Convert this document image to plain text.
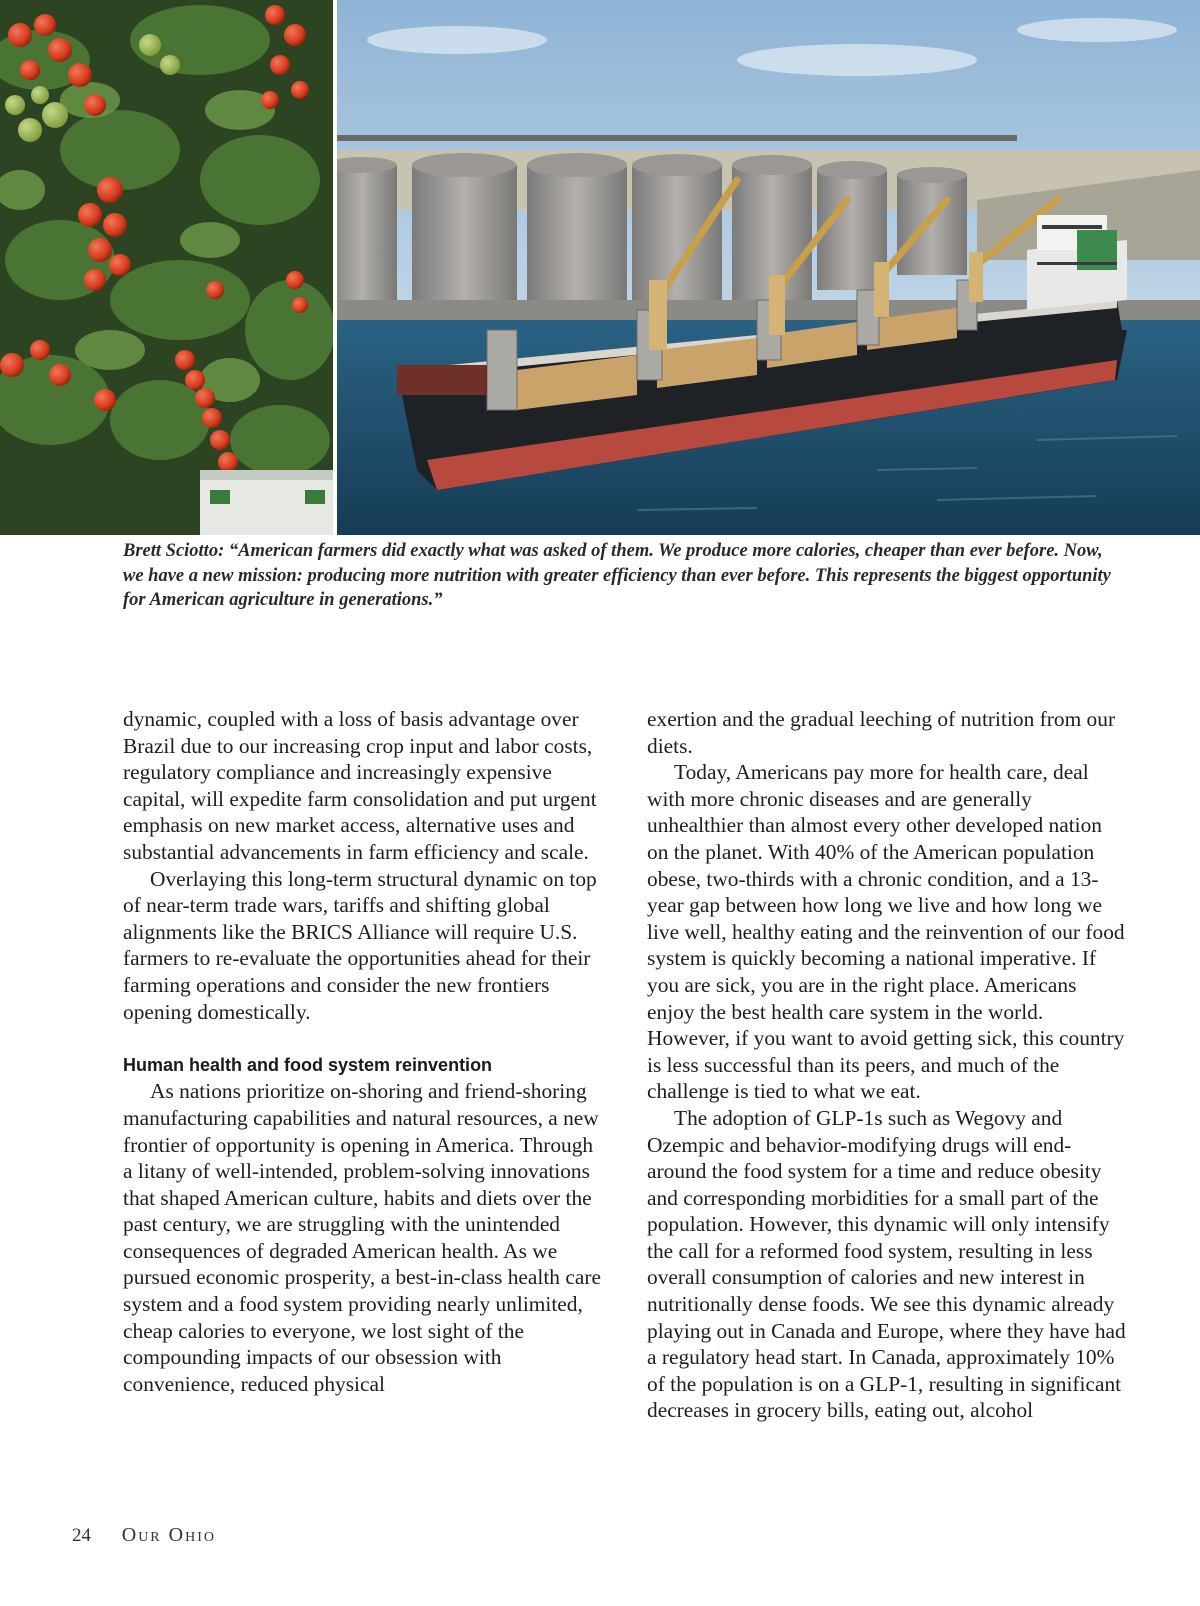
Brett Sciotto: “American farmers did exactly what was asked of them. We produce more calories, cheaper than ever before. Now, we have a new mission: producing more nutrition with greater efficiency than ever before. This represents the biggest opportunity for American agriculture in generations.”

dynamic, coupled with a loss of basis advantage over Brazil due to our increasing crop input and labor costs, regulatory compliance and increasingly expensive capital, will expedite farm consolidation and put urgent emphasis on new market access, alternative uses and substantial advancements in farm efficiency and scale.

Overlaying this long-term structural dynamic on top of near-term trade wars, tariffs and shifting global alignments like the BRICS Alliance will require U.S. farmers to re-evaluate the opportunities ahead for their farming operations and consider the new frontiers opening domestically.

Human health and food system reinvention

As nations prioritize on-shoring and friend-shoring manufacturing capabilities and natural resources, a new frontier of opportunity is opening in America. Through a litany of well-intended, problem-solving innovations that shaped American culture, habits and diets over the past century, we are struggling with the unintended consequences of degraded American health. As we pursued economic prosperity, a best-in-class health care system and a food system providing nearly unlimited, cheap calories to everyone, we lost sight of the compounding impacts of our obsession with convenience, reduced physical

exertion and the gradual leeching of nutrition from our diets.

Today, Americans pay more for health care, deal with more chronic diseases and are generally unhealthier than almost every other developed nation on the planet. With 40% of the American population obese, two-thirds with a chronic condition, and a 13-year gap between how long we live and how long we live well, healthy eating and the reinvention of our food system is quickly becoming a national imperative. If you are sick, you are in the right place. Americans enjoy the best health care system in the world. However, if you want to avoid getting sick, this country is less successful than its peers, and much of the challenge is tied to what we eat.

The adoption of GLP-1s such as Wegovy and Ozempic and behavior-modifying drugs will end-around the food system for a time and reduce obesity and corresponding morbidities for a small part of the population. However, this dynamic will only intensify the call for a reformed food system, resulting in less overall consumption of calories and new interest in nutritionally dense foods. We see this dynamic already playing out in Canada and Europe, where they have had a regulatory head start. In Canada, approximately 10% of the population is on a GLP-1, resulting in significant decreases in grocery bills, eating out, alcohol

24 Our Ohio
